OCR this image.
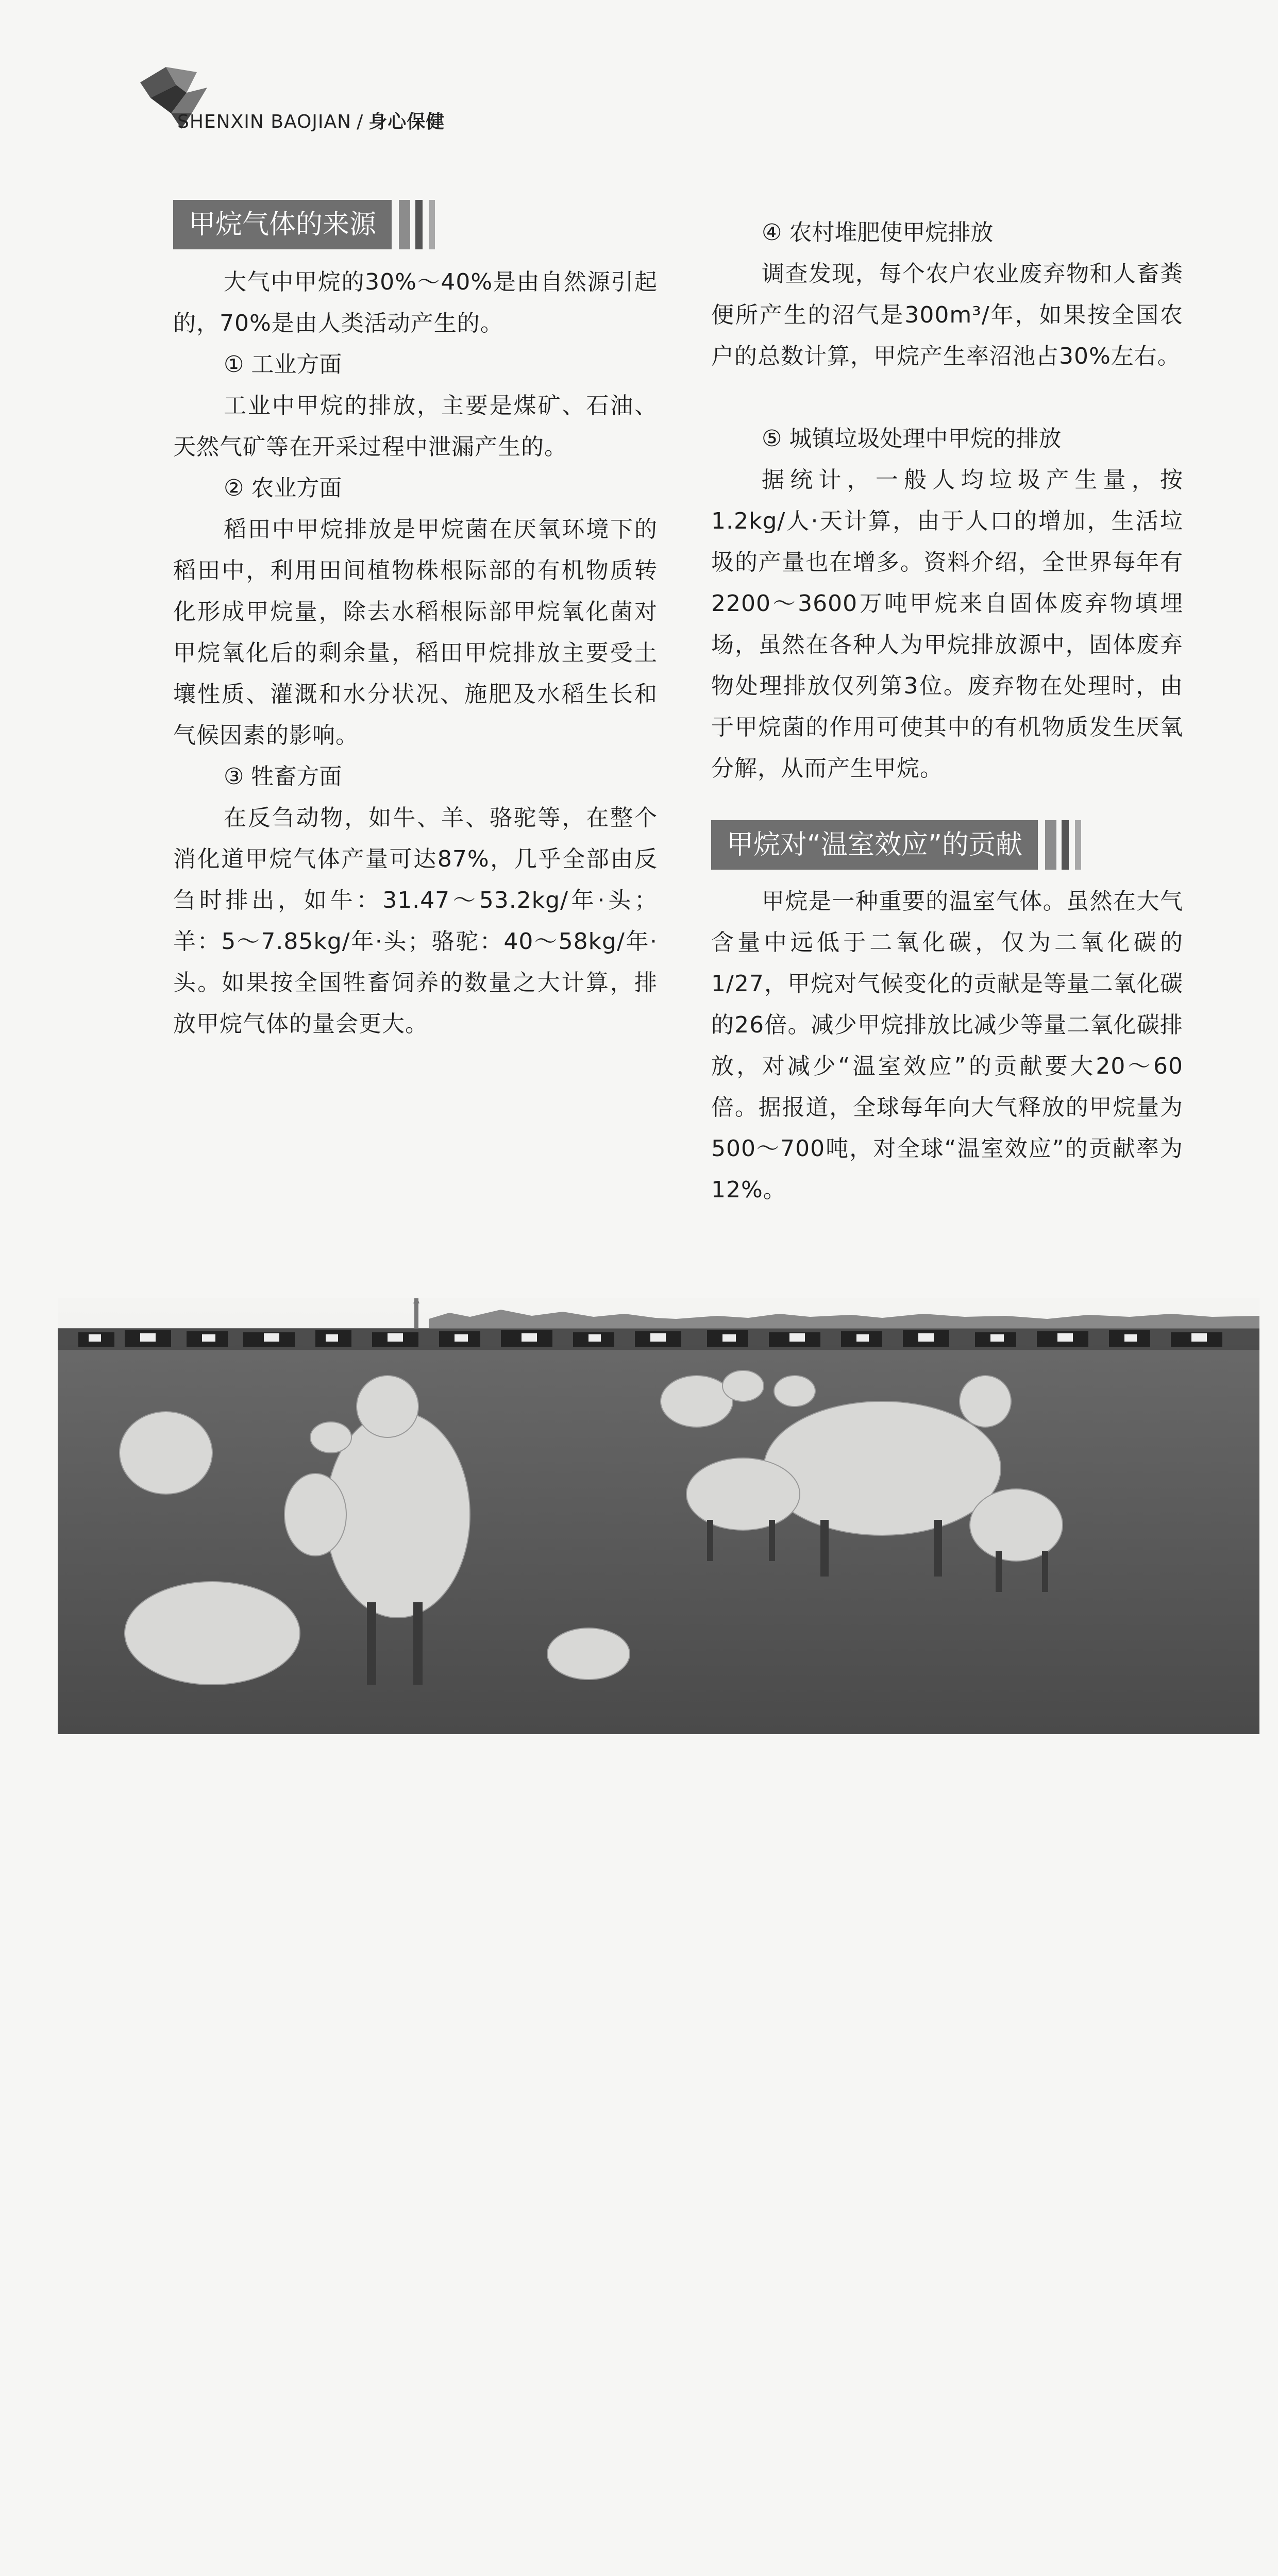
SHENXIN BAOJIAN / 身心保健
甲烷气体的来源

大气中甲烷的30%～40%是由自然源引起的，70%是由人类活动产生的。

① 工业方面

工业中甲烷的排放，主要是煤矿、石油、天然气矿等在开采过程中泄漏产生的。

② 农业方面

稻田中甲烷排放是甲烷菌在厌氧环境下的稻田中，利用田间植物株根际部的有机物质转化形成甲烷量，除去水稻根际部甲烷氧化菌对甲烷氧化后的剩余量，稻田甲烷排放主要受土壤性质、灌溉和水分状况、施肥及水稻生长和气候因素的影响。

③ 牲畜方面

在反刍动物，如牛、羊、骆驼等，在整个消化道甲烷气体产量可达87%，几乎全部由反刍时排出，如牛：31.47～53.2kg/年·头；羊：5～7.85kg/年·头；骆驼：40～58kg/年·头。如果按全国牲畜饲养的数量之大计算，排放甲烷气体的量会更大。

④ 农村堆肥使甲烷排放

调查发现，每个农户农业废弃物和人畜粪便所产生的沼气是300m³/年，如果按全国农户的总数计算，甲烷产生率沼池占30%左右。

⑤ 城镇垃圾处理中甲烷的排放

据统计，一般人均垃圾产生量，按1.2kg/人·天计算，由于人口的增加，生活垃圾的产量也在增多。资料介绍，全世界每年有2200～3600万吨甲烷来自固体废弃物填埋场，虽然在各种人为甲烷排放源中，固体废弃物处理排放仅列第3位。废弃物在处理时，由于甲烷菌的作用可使其中的有机物质发生厌氧分解，从而产生甲烷。

甲烷对“温室效应”的贡献

甲烷是一种重要的温室气体。虽然在大气含量中远低于二氧化碳，仅为二氧化碳的1/27，甲烷对气候变化的贡献是等量二氧化碳的26倍。减少甲烷排放比减少等量二氧化碳排放，对减少“温室效应”的贡献要大20～60倍。据报道，全球每年向大气释放的甲烷量为500～700吨，对全球“温室效应”的贡献率为12%。
